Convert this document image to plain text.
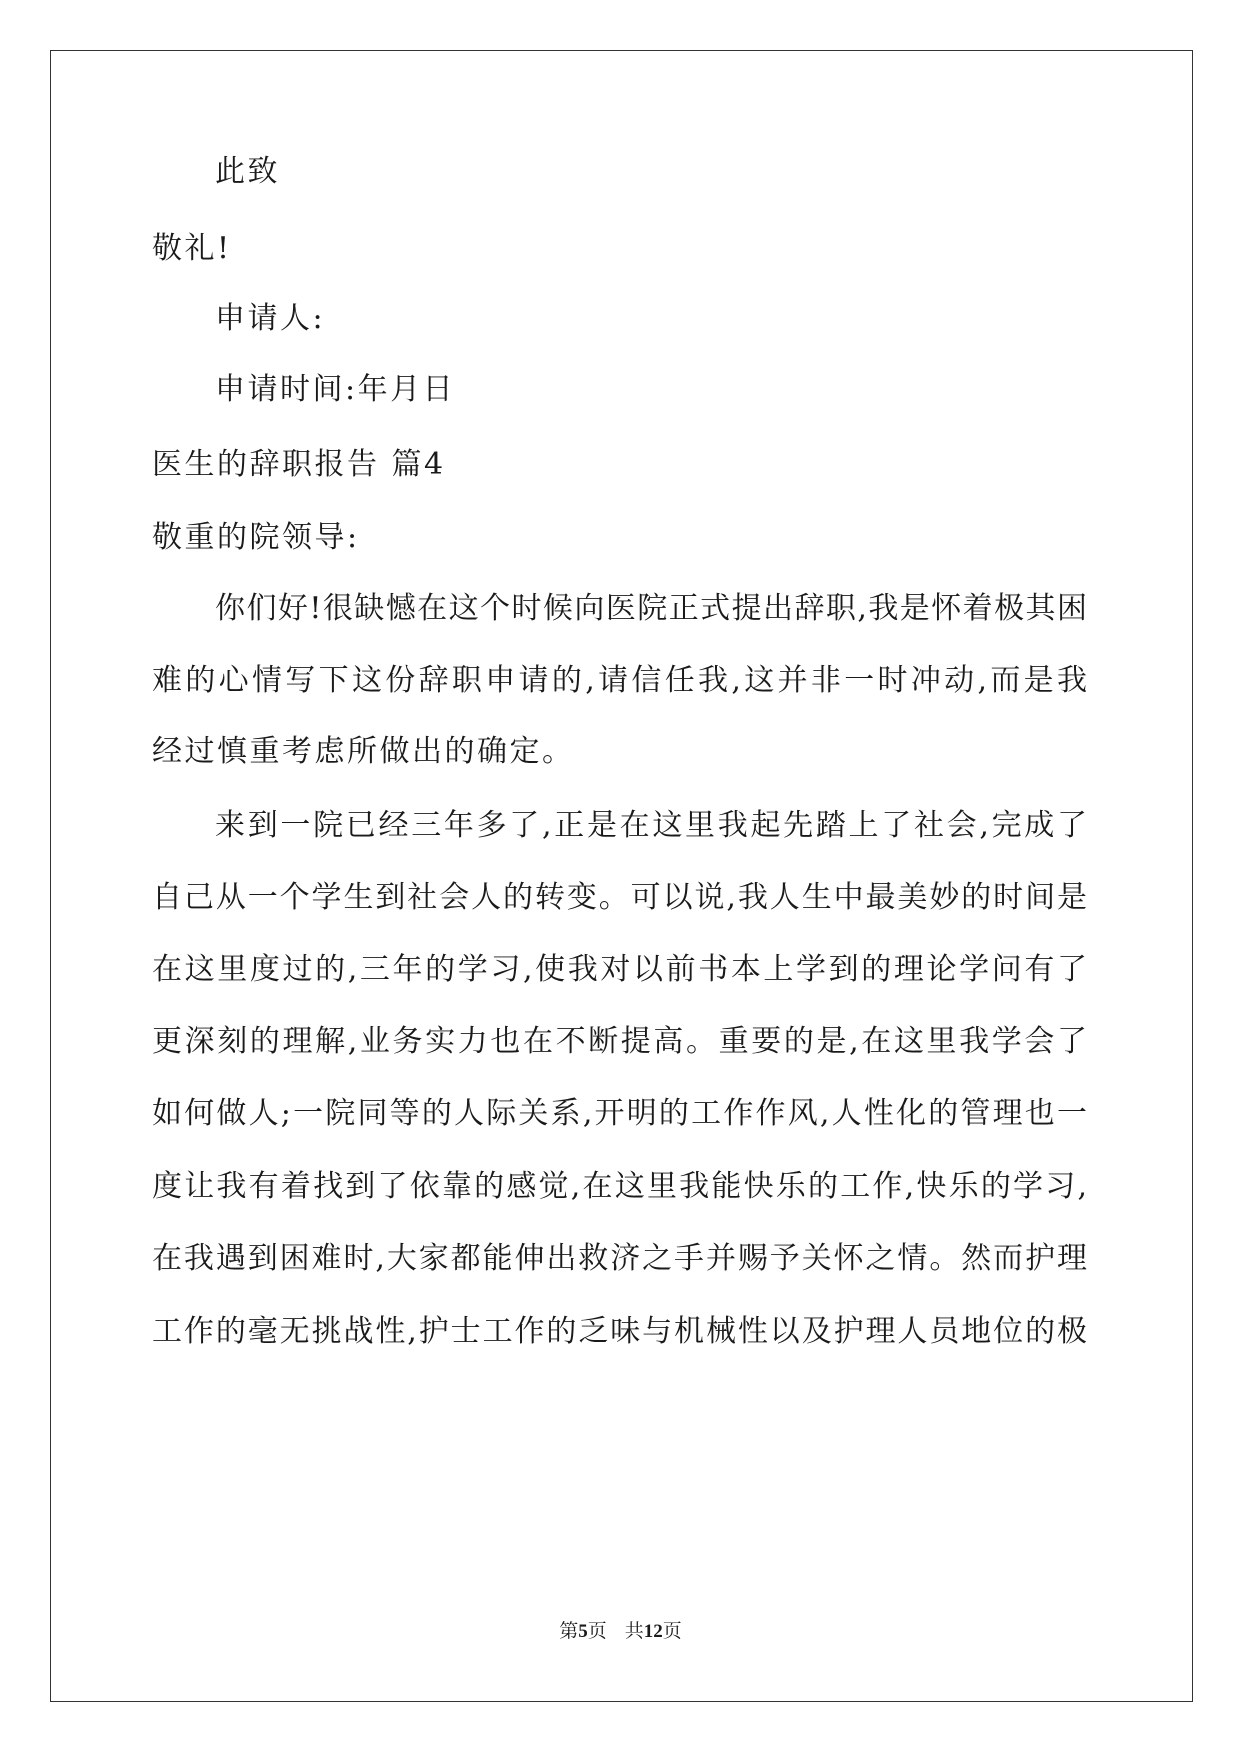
此致
敬礼!
申请人:
申请时间:年月日
医生的辞职报告 篇4
敬重的院领导:
你们好!很缺憾在这个时候向医院正式提出辞职,我是怀着极其困
难的心情写下这份辞职申请的,请信任我,这并非一时冲动,而是我
经过慎重考虑所做出的确定。
来到一院已经三年多了,正是在这里我起先踏上了社会,完成了
自己从一个学生到社会人的转变。可以说,我人生中最美妙的时间是
在这里度过的,三年的学习,使我对以前书本上学到的理论学问有了
更深刻的理解,业务实力也在不断提高。重要的是,在这里我学会了
如何做人;一院同等的人际关系,开明的工作作风,人性化的管理也一
度让我有着找到了依靠的感觉,在这里我能快乐的工作,快乐的学习,
在我遇到困难时,大家都能伸出救济之手并赐予关怀之情。然而护理
工作的毫无挑战性,护士工作的乏味与机械性以及护理人员地位的极
第5页 共12页
